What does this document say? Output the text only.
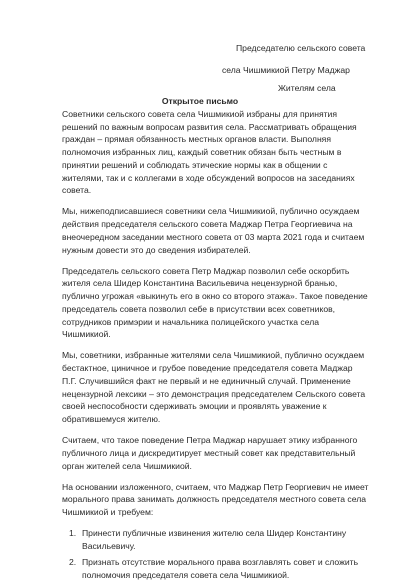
Председателю сельского совета
села Чишмикиой Петру Маджар
Жителям села
Открытое письмо

Советники сельского совета села Чишмикиой избраны для принятия решений по важным вопросам развития села. Рассматривать обращения граждан – прямая обязанность местных органов власти. Выполняя полномочия избранных лиц, каждый советник обязан быть честным в принятии решений и соблюдать этические нормы как в общении с жителями, так и с коллегами в ходе обсуждений вопросов на заседаниях совета.

Мы, нижеподписавшиеся советники села Чишмикиой, публично осуждаем действия председателя сельского совета Маджар Петра Георгиевича на внеочередном заседании местного совета от 03 марта 2021 года и считаем нужным довести это до сведения избирателей.

Председатель сельского совета Петр Маджар позволил себе оскорбить жителя села Шидер Константина Васильевича нецензурной бранью, публично угрожая «выкинуть его в окно со второго этажа». Такое поведение председатель совета позволил себе в присутствии всех советников, сотрудников примэрии и начальника полицейского участка села Чишмикиой.

Мы, советники, избранные жителями села Чишмикиой, публично осуждаем бестактное, циничное и грубое поведение председателя совета Маджар П.Г. Случившийся факт не первый и не единичный случай. Применение нецензурной лексики – это демонстрация председателем Сельского совета своей неспособности сдерживать эмоции и проявлять уважение к обратившемуся жителю.

Считаем, что такое поведение Петра Маджар нарушает этику избранного публичного лица и дискредитирует местный совет как представительный орган жителей села Чишмикиой.

На основании изложенного, считаем, что Маджар Петр Георгиевич не имеет морального права занимать должность председателя местного совета села Чишмикиой и требуем:

1. Принести публичные извинения жителю села Шидер Константину Васильевичу.
2. Признать отсутствие морального права возглавлять совет и сложить полномочия председателя совета села Чишмикиой.
